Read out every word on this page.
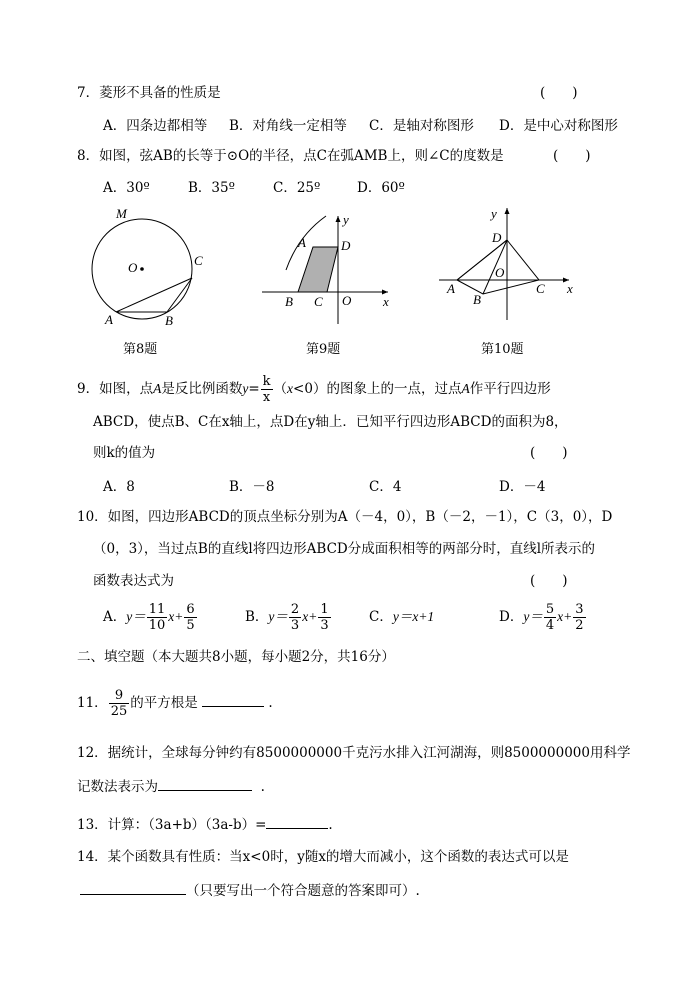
7．菱形不具备的性质是	(　　)
A．四条边都相等 B．对角线一定相等 C．是轴对称图形 D．是中心对称图形
8．如图，弦AB的长等于⊙O的半径，点C在弧AMB上，则∠C的度数是	(　　)
A．30º	B．35º	C．25º	D．60º
M
O
A	B
C
第8题
y
x
A	D
B C O
第9题
y
x
D
O
A
B
C
第10题
9．如图，点A是反比例函数$y= \frac{k}{x} (x<0)$的图象上的一点，过点A作平行四边形
ABCD，使点B、C在x轴上，点D在y轴上．已知平行四边形ABCD的面积为8，
则k的值为	(　　)
A．8	B．－8	C．4	D．－4
10．如图，四边形ABCD的顶点坐标分别为A（－4，0），B（－2，－1），C（3，0），D
（0，3），当过点B的直线l将四边形ABCD分成面积相等的两部分时，直线l所表示的
函数表达式为	(　　)
A．$y= \frac{11}{10} x+ \frac{6}{5}$	B．$y= \frac{2}{3} x+ \frac{1}{3}$	C．y＝x+1	D．$y= \frac{5}{4} x+ \frac{3}{2}$
二、填空题（本大题共8小题，每小题2分，共16分）
11． $\frac{9}{25}$ 的平方根是	.
12．据统计，全球每分钟约有8500000000千克污水排入江河湖海，则8500000000用科学
记数法表示为	.
13．计算：（3a+b）（3a-b）=	.
14．某个函数具有性质：当x<0时，y随x的增大而减小，这个函数的表达式可以是
（只要写出一个符合题意的答案即可）.
